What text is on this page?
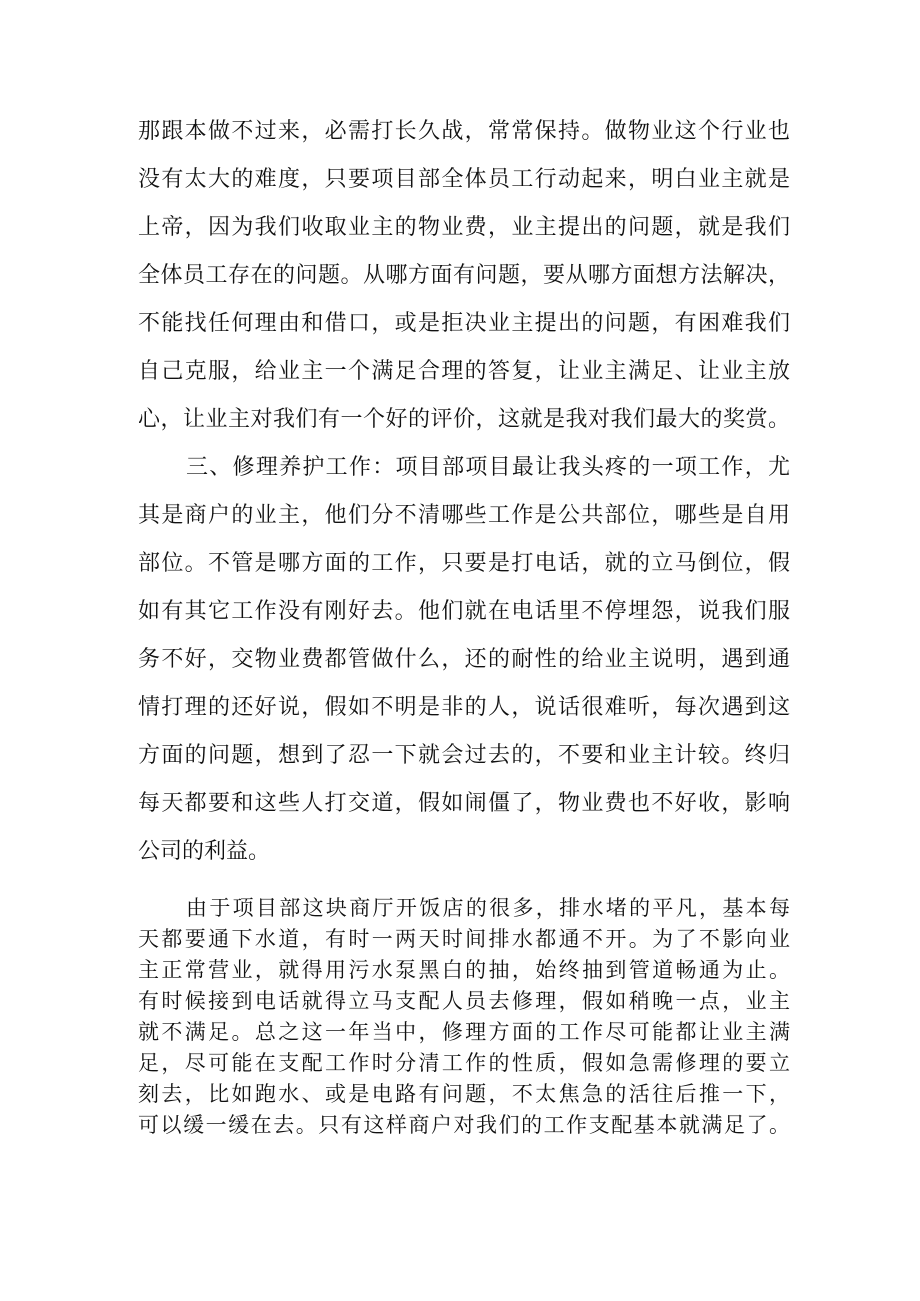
那跟本做不过来，必需打长久战，常常保持。做物业这个行业也
没有太大的难度，只要项目部全体员工行动起来，明白业主就是
上帝，因为我们收取业主的物业费，业主提出的问题，就是我们
全体员工存在的问题。从哪方面有问题，要从哪方面想方法解决，
不能找任何理由和借口，或是拒决业主提出的问题，有困难我们
自己克服，给业主一个满足合理的答复，让业主满足、让业主放
心，让业主对我们有一个好的评价，这就是我对我们最大的奖赏。
三、修理养护工作：项目部项目最让我头疼的一项工作，尤
其是商户的业主，他们分不清哪些工作是公共部位，哪些是自用
部位。不管是哪方面的工作，只要是打电话，就的立马倒位，假
如有其它工作没有刚好去。他们就在电话里不停埋怨，说我们服
务不好，交物业费都管做什么，还的耐性的给业主说明，遇到通
情打理的还好说，假如不明是非的人，说话很难听，每次遇到这
方面的问题，想到了忍一下就会过去的，不要和业主计较。终归
每天都要和这些人打交道，假如闹僵了，物业费也不好收，影响
公司的利益。
由于项目部这块商厅开饭店的很多，排水堵的平凡，基本每
天都要通下水道，有时一两天时间排水都通不开。为了不影向业
主正常营业，就得用污水泵黑白的抽，始终抽到管道畅通为止。
有时候接到电话就得立马支配人员去修理，假如稍晚一点，业主
就不满足。总之这一年当中，修理方面的工作尽可能都让业主满
足，尽可能在支配工作时分清工作的性质，假如急需修理的要立
刻去，比如跑水、或是电路有问题，不太焦急的活往后推一下，
可以缓一缓在去。只有这样商户对我们的工作支配基本就满足了。
